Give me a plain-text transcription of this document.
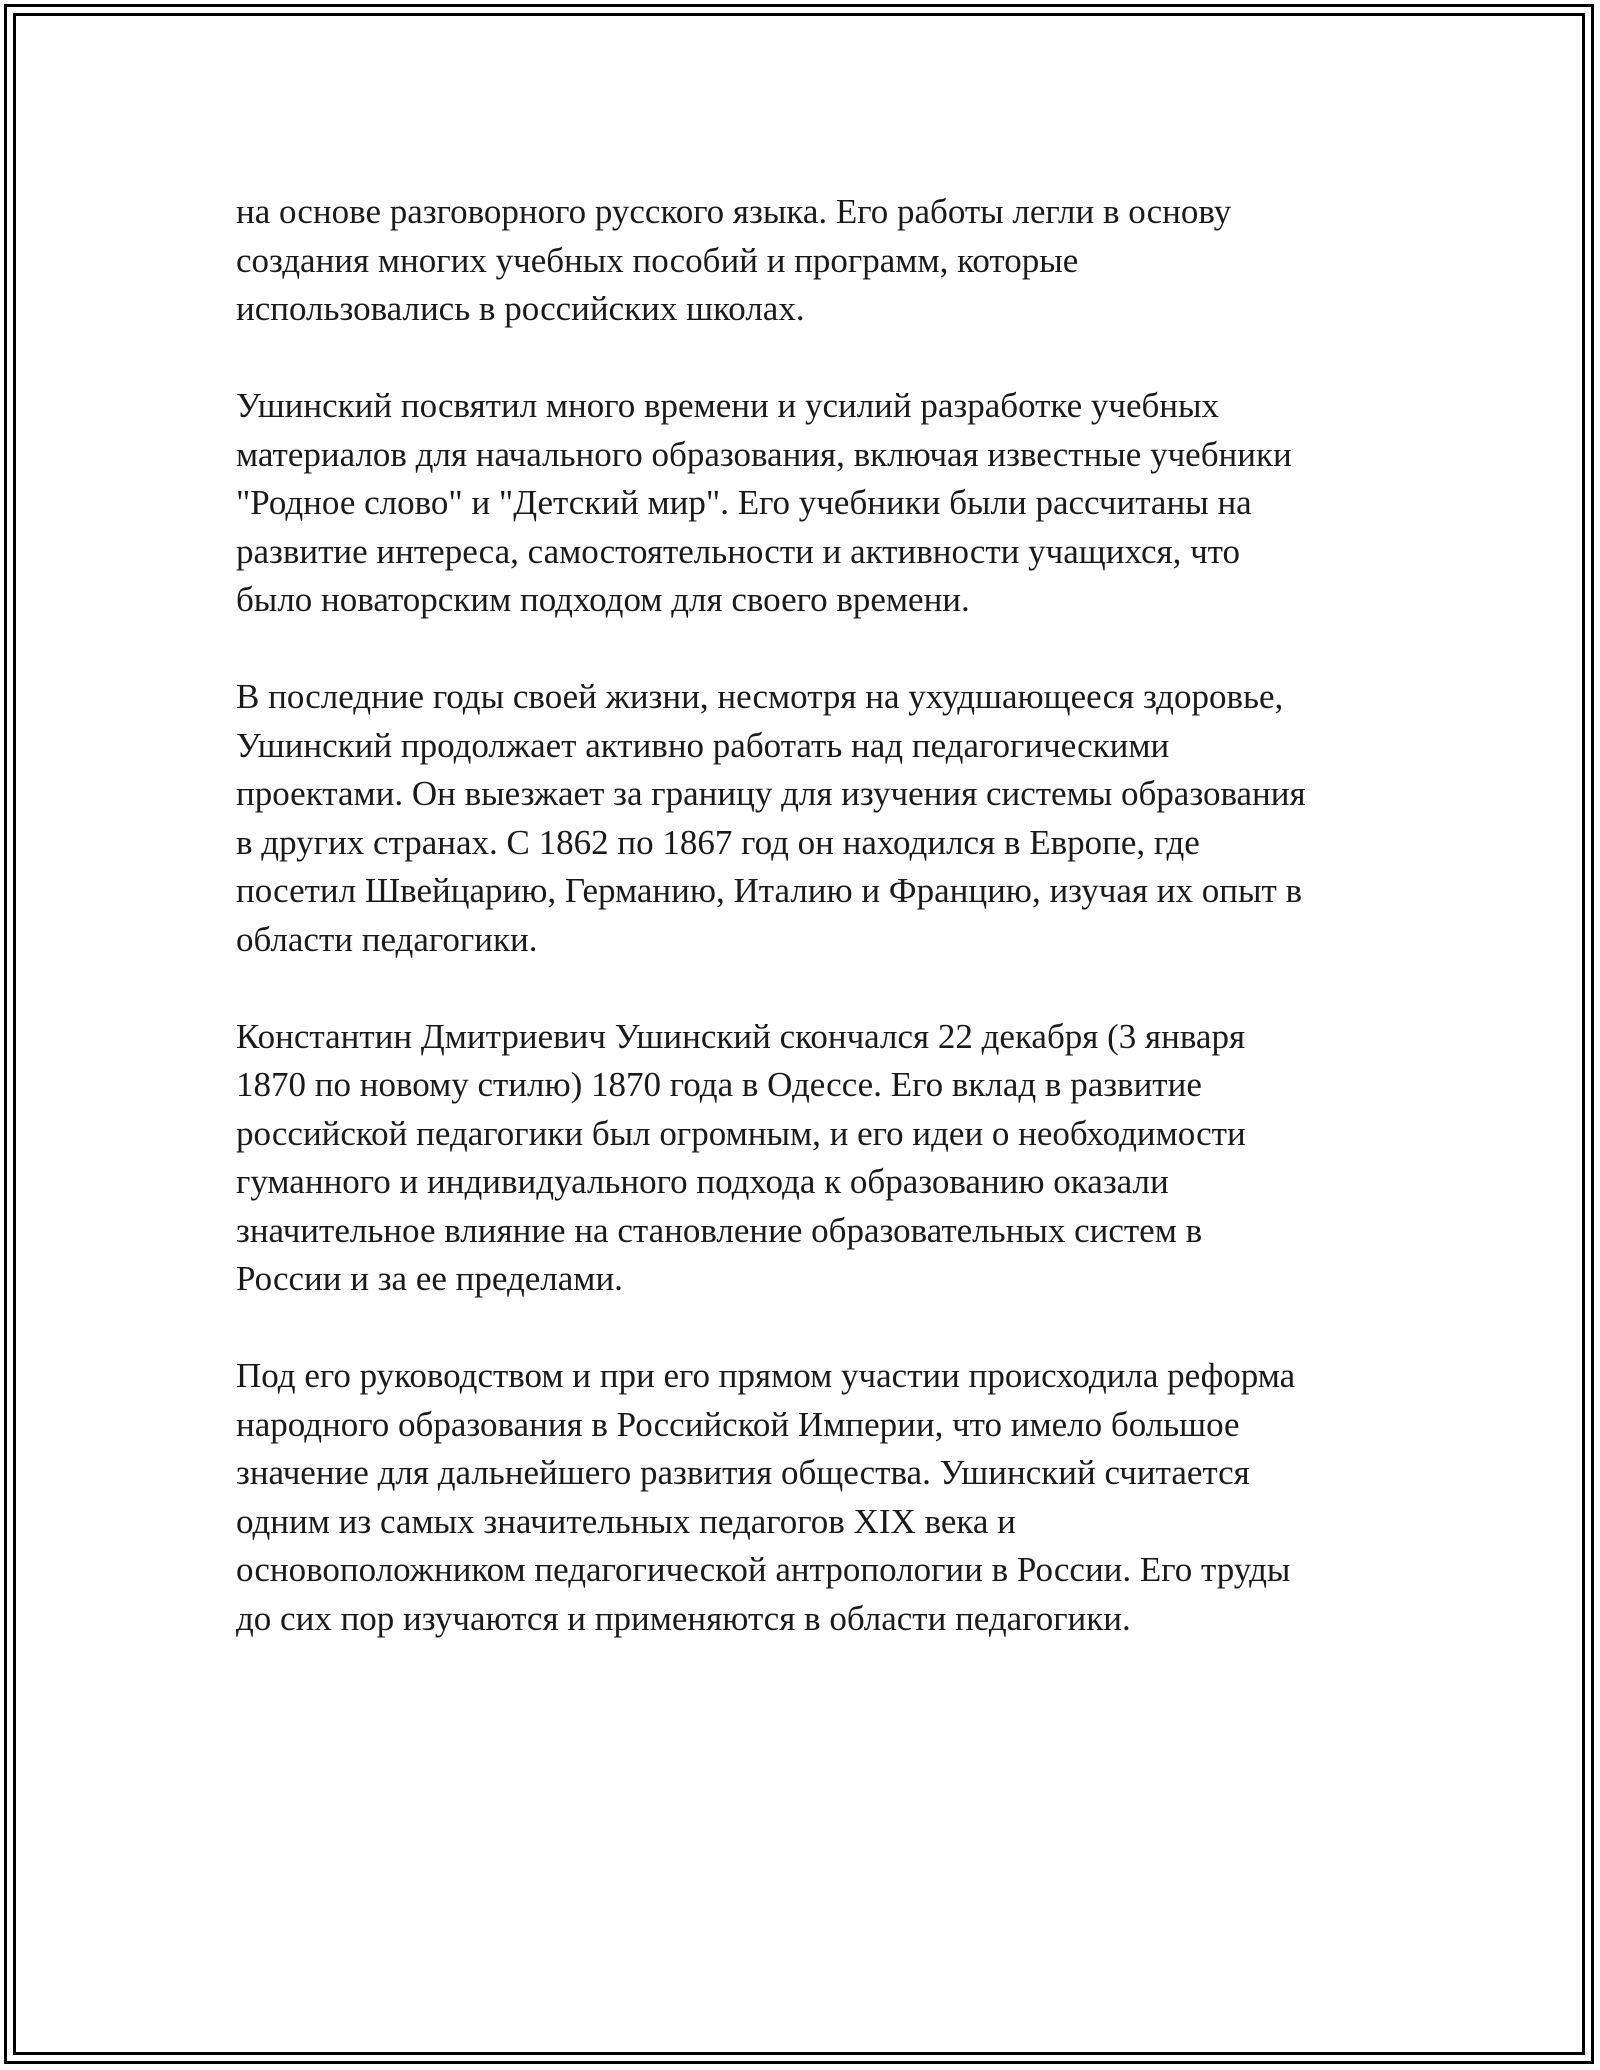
на основе разговорного русского языка. Его работы легли в основу
создания многих учебных пособий и программ, которые
использовались в российских школах.

Ушинский посвятил много времени и усилий разработке учебных
материалов для начального образования, включая известные учебники
"Родное слово" и "Детский мир". Его учебники были рассчитаны на
развитие интереса, самостоятельности и активности учащихся, что
было новаторским подходом для своего времени.

В последние годы своей жизни, несмотря на ухудшающееся здоровье,
Ушинский продолжает активно работать над педагогическими
проектами. Он выезжает за границу для изучения системы образования
в других странах. С 1862 по 1867 год он находился в Европе, где
посетил Швейцарию, Германию, Италию и Францию, изучая их опыт в
области педагогики.

Константин Дмитриевич Ушинский скончался 22 декабря (3 января
1870 по новому стилю) 1870 года в Одессе. Его вклад в развитие
российской педагогики был огромным, и его идеи о необходимости
гуманного и индивидуального подхода к образованию оказали
значительное влияние на становление образовательных систем в
России и за ее пределами.

Под его руководством и при его прямом участии происходила реформа
народного образования в Российской Империи, что имело большое
значение для дальнейшего развития общества. Ушинский считается
одним из самых значительных педагогов XIX века и
основоположником педагогической антропологии в России. Его труды
до сих пор изучаются и применяются в области педагогики.
